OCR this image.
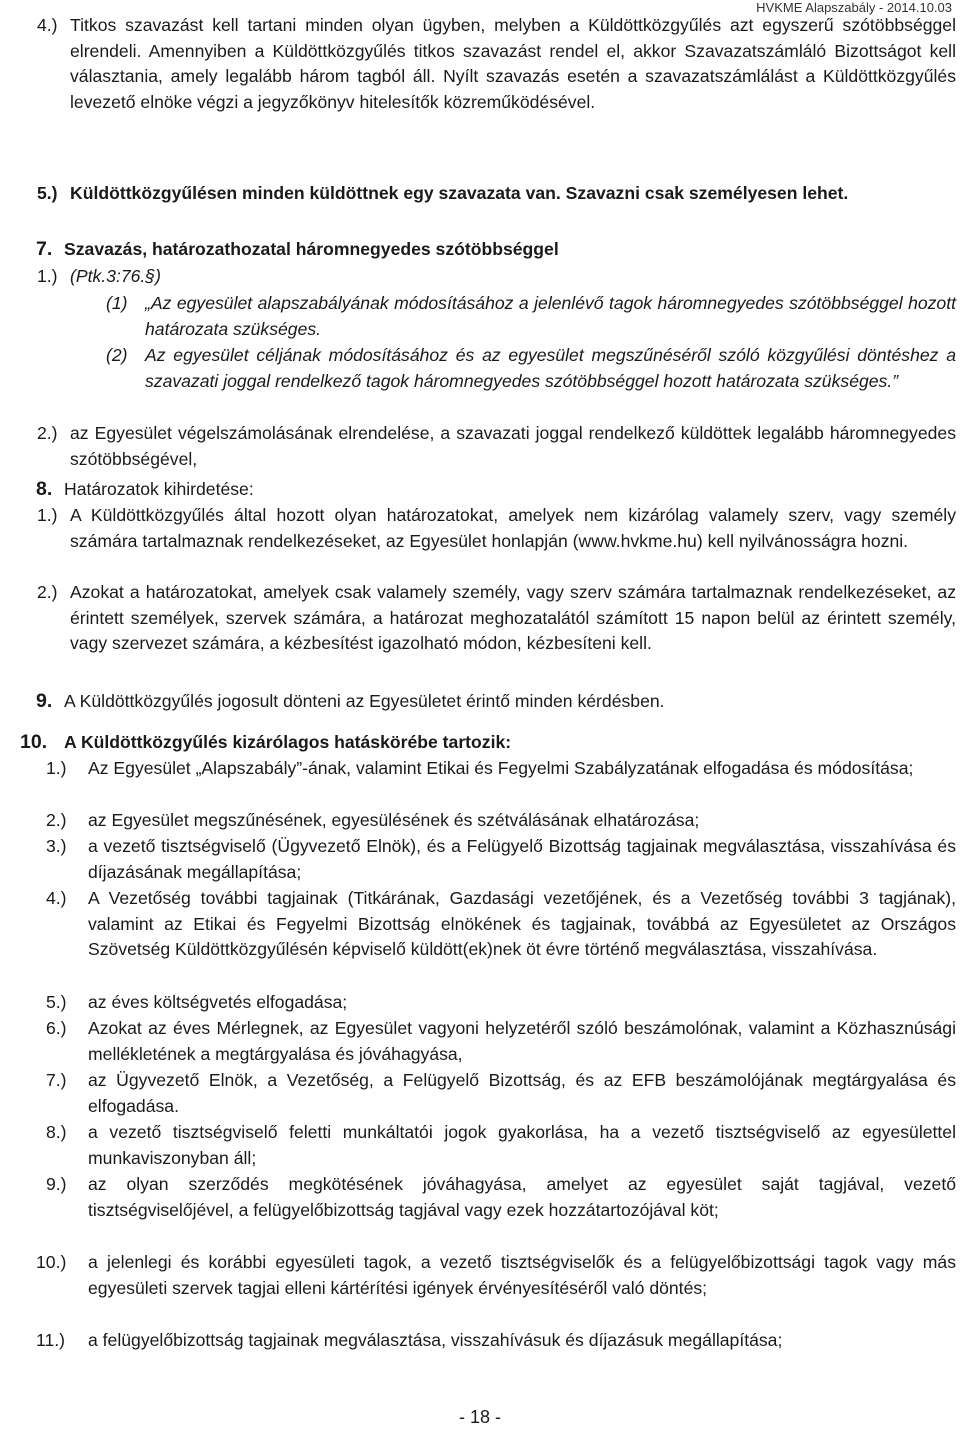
HVKME Alapszabály - 2014.10.03
4.) Titkos szavazást kell tartani minden olyan ügyben, melyben a Küldöttközgyűlés azt egyszerű szótöbbséggel elrendeli. Amennyiben a Küldöttközgyűlés titkos szavazást rendel el, akkor Szavazatszámláló Bizottságot kell választania, amely legalább három tagból áll. Nyílt szavazás esetén a szavazatszámlálást a Küldöttközgyűlés levezető elnöke végzi a jegyzőkönyv hitelesítők közreműködésével.
5.) Küldöttközgyűlésen minden küldöttnek egy szavazata van. Szavazni csak személyesen lehet.
7. Szavazás, határozathozatal háromnegyedes szótöbbséggel
1.) (Ptk.3:76.§)
(1) „Az egyesület alapszabályának módosításához a jelenlévő tagok háromnegyedes szótöbbséggel hozott határozata szükséges.
(2) Az egyesület céljának módosításához és az egyesület megszűnéséről szóló közgyűlési döntéshez a szavazati joggal rendelkező tagok háromnegyedes szótöbbséggel hozott határozata szükséges.”
2.) az Egyesület végelszámolásának elrendelése, a szavazati joggal rendelkező küldöttek legalább háromnegyedes szótöbbségével,
8. Határozatok kihirdetése:
1.) A Küldöttközgyűlés által hozott olyan határozatokat, amelyek nem kizárólag valamely szerv, vagy személy számára tartalmaznak rendelkezéseket, az Egyesület honlapján (www.hvkme.hu) kell nyilvánosságra hozni.
2.) Azokat a határozatokat, amelyek csak valamely személy, vagy szerv számára tartalmaznak rendelkezéseket, az érintett személyek, szervek számára, a határozat meghozatalától számított 15 napon belül az érintett személy, vagy szervezet számára, a kézbesítést igazolható módon, kézbesíteni kell.
9. A Küldöttközgyűlés jogosult dönteni az Egyesületet érintő minden kérdésben.
10. A Küldöttközgyűlés kizárólagos hatáskörébe tartozik:
1.) Az Egyesület „Alapszabály”-ának, valamint Etikai és Fegyelmi Szabályzatának elfogadása és módosítása;
2.) az Egyesület megszűnésének, egyesülésének és szétválásának elhatározása;
3.) a vezető tisztségviselő (Ügyvezető Elnök), és a Felügyelő Bizottság tagjainak megválasztása, visszahívása és díjazásának megállapítása;
4.) A Vezetőség további tagjainak (Titkárának, Gazdasági vezetőjének, és a Vezetőség további 3 tagjának), valamint az Etikai és Fegyelmi Bizottság elnökének és tagjainak, továbbá az Egyesületet az Országos Szövetség Küldöttközgyűlésén képviselő küldött(ek)nek öt évre történő megválasztása, visszahívása.
5.) az éves költségvetés elfogadása;
6.) Azokat az éves Mérlegnek, az Egyesület vagyoni helyzetéről szóló beszámolónak, valamint a Közhasznúsági mellékletének a megtárgyalása és jóváhagyása,
7.) az Ügyvezető Elnök, a Vezetőség, a Felügyelő Bizottság, és az EFB beszámolójának megtárgyalása és elfogadása.
8.) a vezető tisztségviselő feletti munkáltatói jogok gyakorlása, ha a vezető tisztségviselő az egyesülettel munkaviszonyban áll;
9.) az olyan szerződés megkötésének jóváhagyása, amelyet az egyesület saját tagjával, vezető tisztségviselőjével, a felügyelőbizottság tagjával vagy ezek hozzátartozójával köt;
10.) a jelenlegi és korábbi egyesületi tagok, a vezető tisztségviselők és a felügyelőbizottsági tagok vagy más egyesületi szervek tagjai elleni kártérítési igények érvényesítéséről való döntés;
11.) a felügyelőbizottság tagjainak megválasztása, visszahívásuk és díjazásuk megállapítása;
- 18 -
